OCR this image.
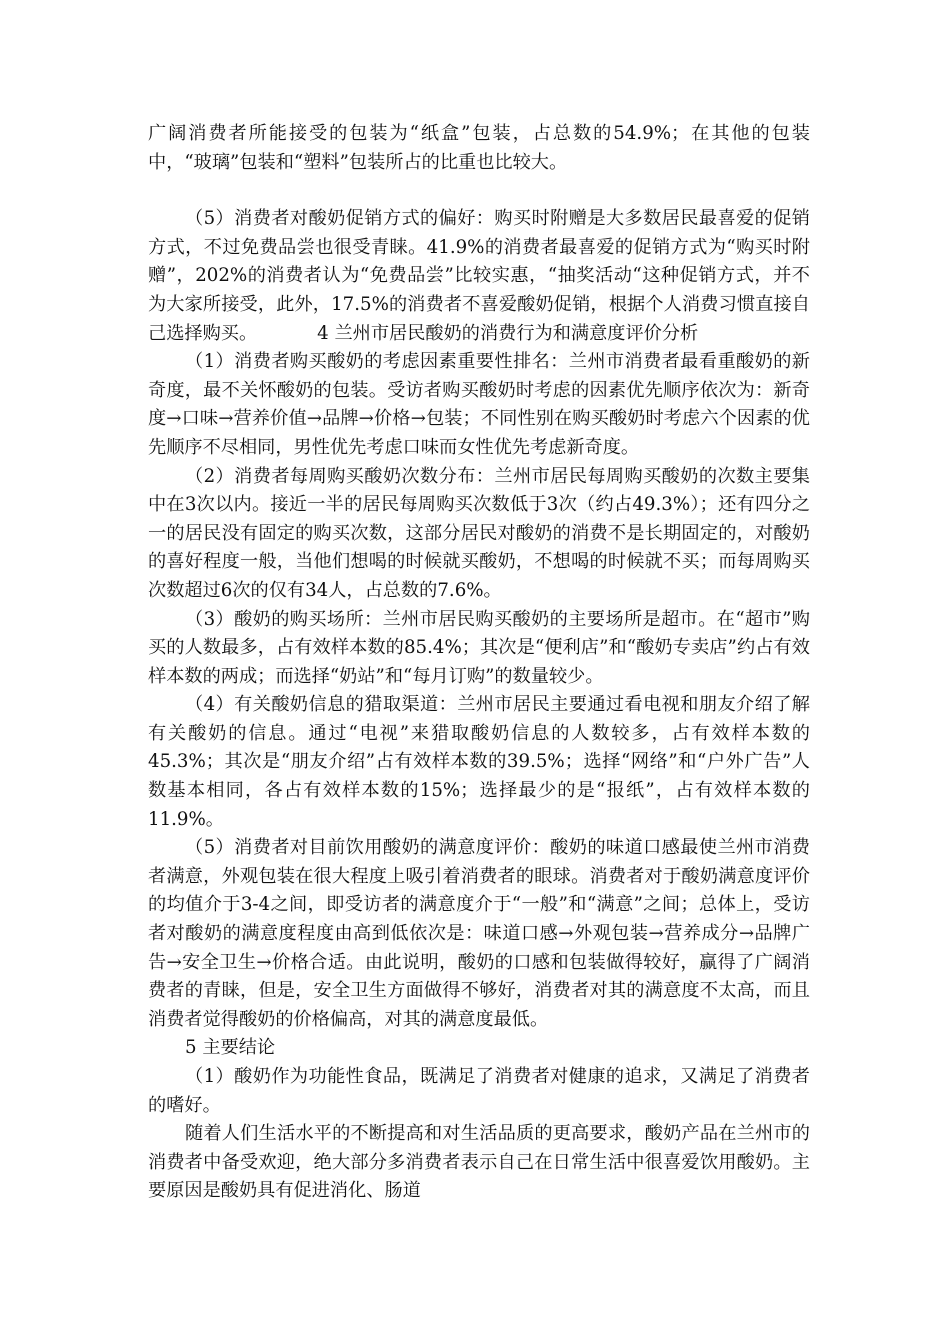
广阔消费者所能接受的包装为“纸盒”包装，占总数的54.9%；在其他的包装中，“玻璃”包装和“塑料”包装所占的比重也比较大。

（5）消费者对酸奶促销方式的偏好：购买时附赠是大多数居民最喜爱的促销方式，不过免费品尝也很受青睐。41.9%的消费者最喜爱的促销方式为“购买时附赠”，202%的消费者认为“免费品尝”比较实惠，“抽奖活动“这种促销方式，并不为大家所接受，此外，17.5%的消费者不喜爱酸奶促销，根据个人消费习惯直接自己选择购买。	4 兰州市居民酸奶的消费行为和满意度评价分析

（1）消费者购买酸奶的考虑因素重要性排名：兰州市消费者最看重酸奶的新奇度，最不关怀酸奶的包装。受访者购买酸奶时考虑的因素优先顺序依次为：新奇度→口味→营养价值→品牌→价格→包装；不同性别在购买酸奶时考虑六个因素的优先顺序不尽相同，男性优先考虑口味而女性优先考虑新奇度。

（2）消费者每周购买酸奶次数分布：兰州市居民每周购买酸奶的次数主要集中在3次以内。接近一半的居民每周购买次数低于3次（约占49.3%）；还有四分之一的居民没有固定的购买次数，这部分居民对酸奶的消费不是长期固定的，对酸奶的喜好程度一般，当他们想喝的时候就买酸奶，不想喝的时候就不买；而每周购买次数超过6次的仅有34人，占总数的7.6%。

（3）酸奶的购买场所：兰州市居民购买酸奶的主要场所是超市。在“超市”购买的人数最多，占有效样本数的85.4%；其次是“便利店”和“酸奶专卖店”约占有效样本数的两成；而选择“奶站”和“每月订购”的数量较少。

（4）有关酸奶信息的猎取渠道：兰州市居民主要通过看电视和朋友介绍了解有关酸奶的信息。通过“电视”来猎取酸奶信息的人数较多，占有效样本数的45.3%；其次是“朋友介绍”占有效样本数的39.5%；选择“网络”和“户外广告”人数基本相同，各占有效样本数的15%；选择最少的是“报纸”，占有效样本数的11.9%。

（5）消费者对目前饮用酸奶的满意度评价：酸奶的味道口感最使兰州市消费者满意，外观包装在很大程度上吸引着消费者的眼球。消费者对于酸奶满意度评价的均值介于3-4之间，即受访者的满意度介于“一般”和“满意”之间；总体上，受访者对酸奶的满意度程度由高到低依次是：味道口感→外观包装→营养成分→品牌广告→安全卫生→价格合适。由此说明，酸奶的口感和包装做得较好，赢得了广阔消费者的青睐，但是，安全卫生方面做得不够好，消费者对其的满意度不太高，而且消费者觉得酸奶的价格偏高，对其的满意度最低。

5 主要结论

（1）酸奶作为功能性食品，既满足了消费者对健康的追求，又满足了消费者的嗜好。

随着人们生活水平的不断提高和对生活品质的更高要求，酸奶产品在兰州市的消费者中备受欢迎，绝大部分多消费者表示自己在日常生活中很喜爱饮用酸奶。主要原因是酸奶具有促进消化、肠道
